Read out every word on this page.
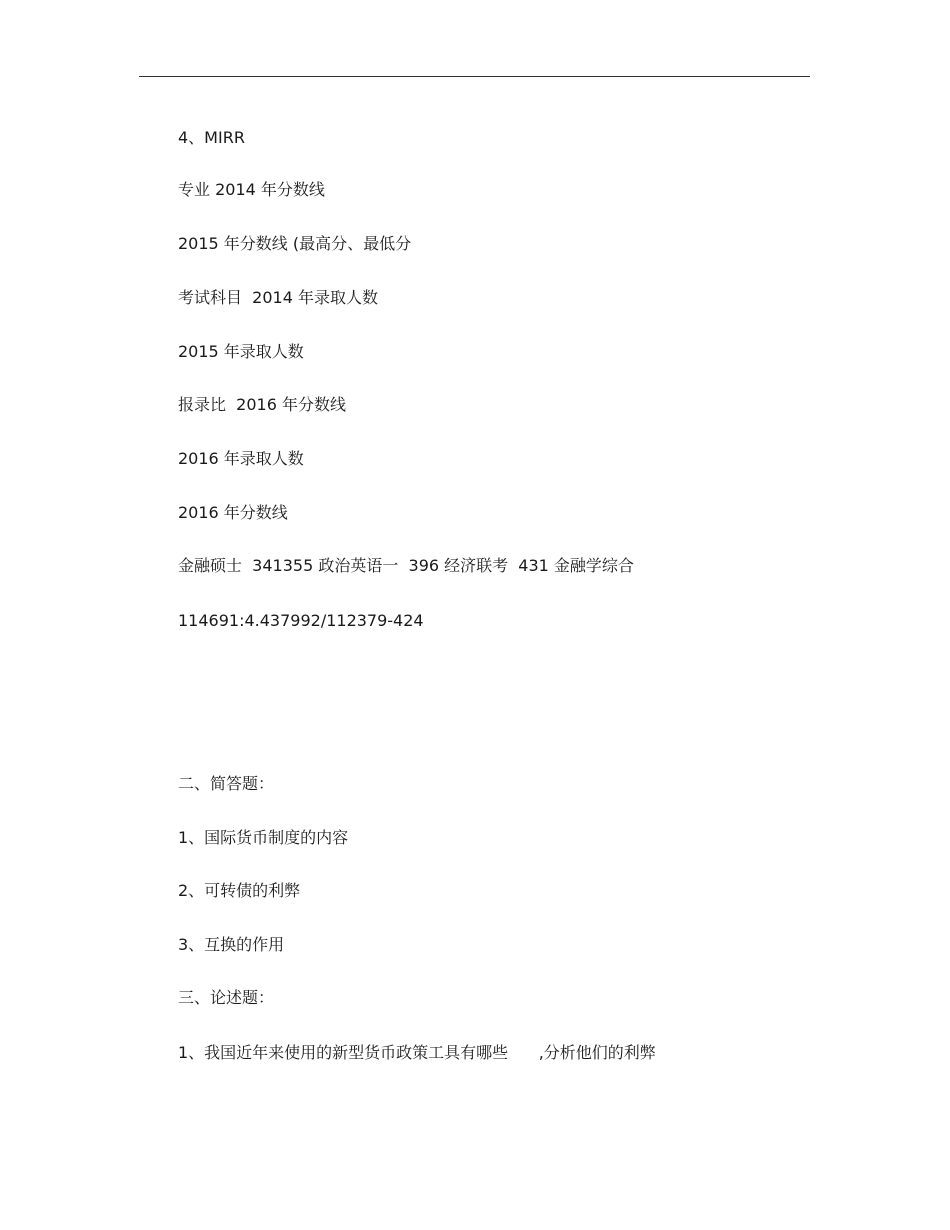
4、MIRR
专业 2014 年分数线
2015 年分数线 (最高分、最低分
考试科目  2014 年录取人数
2015 年录取人数
报录比  2016 年分数线
2016 年录取人数
2016 年分数线
金融硕士  341355 政治英语一  396 经济联考  431 金融学综合
114691:4.437992/112379-424
二、简答题：
1、国际货币制度的内容
2、可转债的利弊
3、互换的作用
三、论述题：
1、我国近年来使用的新型货币政策工具有哪些      ,分析他们的利弊
